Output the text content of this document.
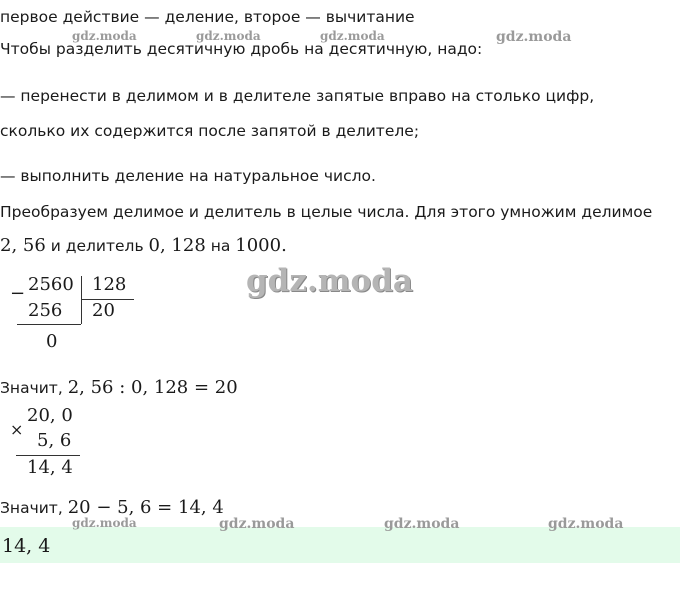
первое действие — деление, второе — вычитание
Чтобы разделить десятичную дробь на десятичную, надо:
— перенести в делимом и в делителе запятые вправо на столько цифр,
сколько их содержится после запятой в делителе;
— выполнить деление на натуральное число.
Преобразуем делимое и делитель в целые числа. Для этого умножим делимое
2, 56 и делитель 0, 128 на 1000.
− 2560 128
256 20
0
Значит, 2, 56 : 0, 128 = 20
×
20, 0
5, 6
14, 4
Значит, 20 − 5, 6 = 14, 4
14, 4
gdz.moda	gdz.moda	gdz.moda	gdz.moda
gdz.moda
gdz.moda	gdz.moda	gdz.moda	gdz.moda
